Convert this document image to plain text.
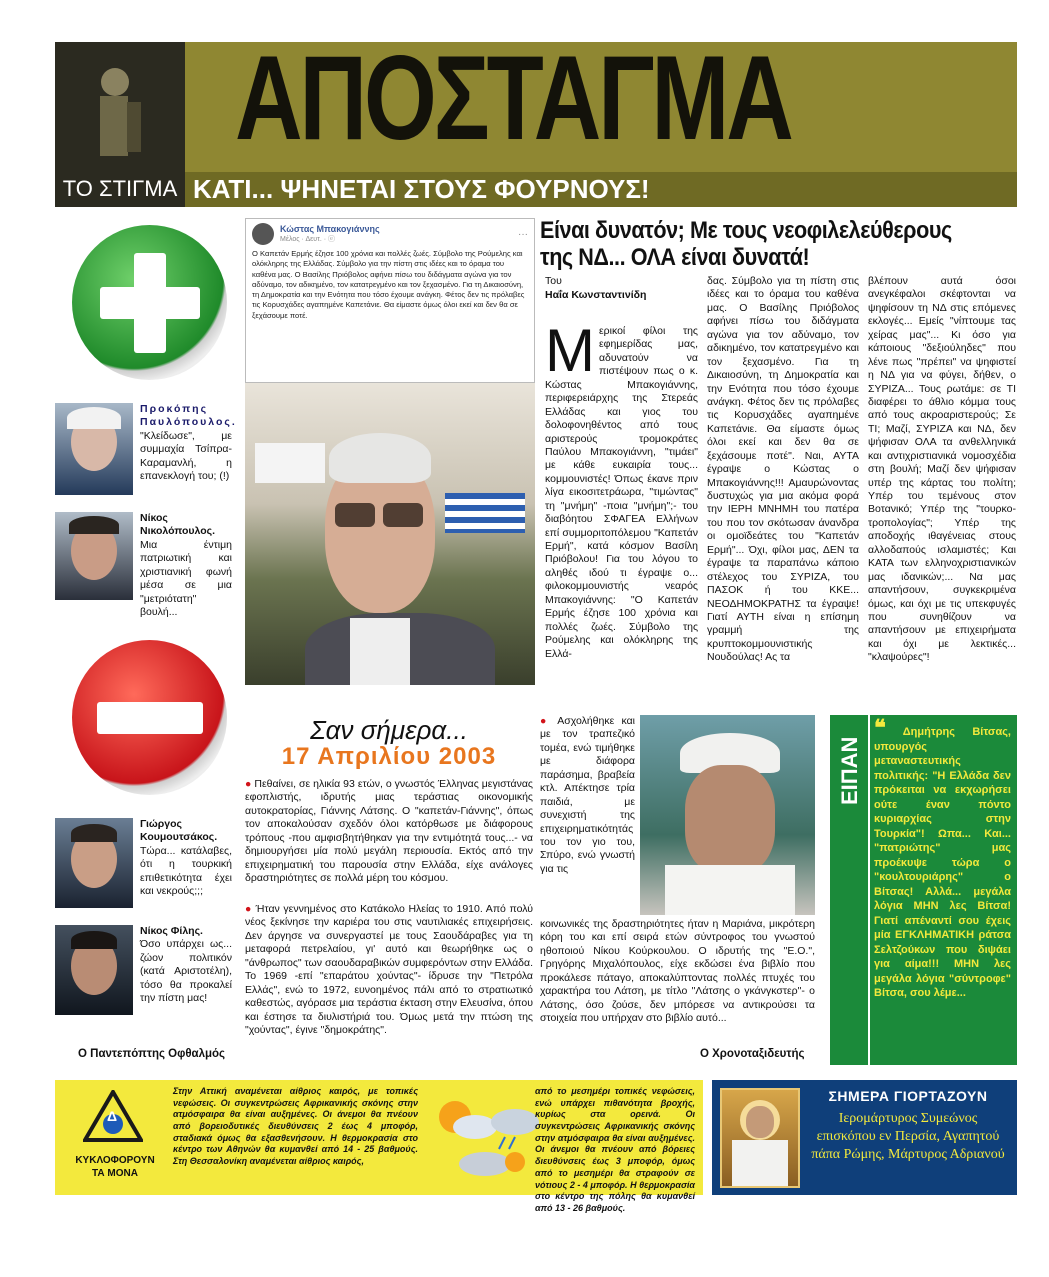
ΑΠΟΣΤΑΓΜΑ
ΤΟ ΣΤΙΓΜΑ ΚΑΤΙ... ΨΗΝΕΤΑΙ ΣΤΟΥΣ ΦΟΥΡΝΟΥΣ!
Προκόπης Παυλόπουλος.
"Κλείδωσε", με συμμαχία Τσίπρα-Καραμανλή, η επανεκλογή του; (!)
Νίκος Νικολόπουλος.
Μια έντιμη πατριωτική και χριστιανική φωνή μέσα σε μια "μετριότατη" βουλή...
Γιώργος Κουμουτσάκος.
Τώρα... κατάλαβες, ότι η τουρκική επιθετικότητα έχει και νεκρούς;;;
Νίκος Φίλης.
Όσο υπάρχει ως... ζώον πολιτικόν (κατά Αριστοτέλη), τόσο θα προκαλεί την πίστη μας!
Ο Παντεπόπτης Οφθαλμός
Κώστας Μπακογιάννης
Μέλος · Δευτ. · ⓔ	···
Ο Καπετάν Ερμής έζησε 100 χρόνια και πολλές ζωές. Σύμβολο της Ρούμελης και ολόκληρης της Ελλάδας. Σύμβολο για την πίστη στις ιδέες και το όραμα του καθένα μας. Ο Βασίλης Πριόβολος αφήνει πίσω του διδάγματα αγώνα για τον αδύναμο, τον αδικημένο, τον κατατρεγμένο και τον ξεχασμένο. Για τη Δικαιοσύνη, τη Δημοκρατία και την Ενότητα που τόσο έχουμε ανάγκη. Φέτος δεν τις πρόλαβες τις Κορυσχάδες αγαπημένε Καπετάνιε. Θα είμαστε όμως όλοι εκεί και δεν θα σε ξεχάσουμε ποτέ.
Είναι δυνατόν; Με τους νεοφιλελεύθερους της ΝΔ... ΟΛΑ είναι δυνατά!
Του
Ηαΐα Κωνσταντινίδη
Μ ερικοί φίλοι της εφημερίδας μας, αδυνατούν να πιστέψουν πως ο κ. Κώστας Μπακογιάννης, περιφερειάρχης της Στερεάς Ελλάδας και γιος του δολοφονηθέντος από τους αριστερούς τρομοκράτες Παύλου Μπακογιάννη, "τιμάει" με κάθε ευκαιρία τους... κομμουνιστές! Όπως έκανε πριν λίγα εικοσιτετράωρα, "τιμώντας" τη "μνήμη" -ποια "μνήμη";- του διαβόητου ΣΦΑΓΕΑ Ελλήνων επί συμμοριτοπόλεμου "Καπετάν Ερμή", κατά κόσμον Βασίλη Πριόβολου! Για του λόγου το αληθές ιδού τι έγραψε ο... φιλοκομμουνιστής νεαρός Μπακογιάννης: "Ο Καπετάν Ερμής έζησε 100 χρόνια και πολλές ζωές. Σύμβολο της Ρούμελης και ολόκληρης της Ελλά-
δας. Σύμβολο για τη πίστη στις ιδέες και το όραμα του καθένα μας. Ο Βασίλης Πριόβολος αφήνει πίσω του διδάγματα αγώνα για τον αδύναμο, τον αδικημένο, τον κατατρεγμένο και τον ξεχασμένο. Για τη Δικαιοσύνη, τη Δημοκρατία και την Ενότητα που τόσο έχουμε ανάγκη. Φέτος δεν τις πρόλαβες τις Κορυσχάδες αγαπημένε Καπετάνιε. Θα είμαστε όμως όλοι εκεί και δεν θα σε ξεχάσουμε ποτέ". Ναι, ΑΥΤΑ έγραψε ο Κώστας ο Μπακογιάννης!!! Αμαυρώνοντας δυστυχώς για μια ακόμα φορά την ΙΕΡΗ ΜΝΗΜΗ του πατέρα του που τον σκότωσαν άνανδρα οι ομοϊδεάτες του "Καπετάν Ερμή"... Όχι, φίλοι μας, ΔΕΝ τα έγραψε τα παραπάνω κάποιο στέλεχος του ΣΥΡΙΖΑ, του ΠΑΣΟΚ ή του ΚΚΕ... ΝΕΟΔΗΜΟΚΡΑΤΗΣ τα έγραψε! Γιατί ΑΥΤΗ είναι η επίσημη γραμμή της κρυπτοκομμουνιστικής Νουδούλας! Ας τα
βλέπουν αυτά όσοι ανεγκέφαλοι σκέφτονται να ψηφίσουν τη ΝΔ στις επόμενες εκλογές... Εμείς "νίπτουμε τας χείρας μας"... Κι όσο για κάποιους "δεξιούληδες" που λένε πως "πρέπει" να ψηφιστεί η ΝΔ για να φύγει, δήθεν, ο ΣΥΡΙΖΑ... Τους ρωτάμε: σε ΤΙ διαφέρει το άθλιο κόμμα τους από τους ακροαριστερούς; Σε ΤΙ; Μαζί, ΣΥΡΙΖΑ και ΝΔ, δεν ψήφισαν ΟΛΑ τα ανθελληνικά και αντιχριστιανικά νομοσχέδια στη βουλή; Μαζί δεν ψήφισαν υπέρ της κάρτας του πολίτη; Υπέρ του τεμένους στον Βοτανικό; Υπέρ της "τουρκο-τροπολογίας"; Υπέρ της αποδοχής ιθαγένειας στους αλλοδαπούς ισλαμιστές; Και ΚΑΤΑ των ελληνοχριστιανικών μας ιδανικών;... Να μας απαντήσουν, συγκεκριμένα όμως, και όχι με τις υπεκφυγές που συνηθίζουν να απαντήσουν με επιχειρήματα και όχι με λεκτικές... "κλαψούρες"!
Σαν σήμερα...
17 Απριλίου 2003
● Πεθαίνει, σε ηλικία 93 ετών, ο γνωστός Έλληνας μεγιστάνας εφοπλιστής, ιδρυτής μιας τεράστιας οικονομικής αυτοκρατορίας, Γιάννης Λάτσης. Ο "καπετάν-Γιάννης", όπως τον αποκαλούσαν σχεδόν όλοι κατόρθωσε με διάφορους τρόπους -που αμφισβητήθηκαν για την εντιμότητά τους...- να δημιουργήσει μία πολύ μεγάλη περιουσία. Εκτός από την επιχειρηματική του παρουσία στην Ελλάδα, είχε ανάλογες δραστηριότητες σε πολλά μέρη του κόσμου.
● Ήταν γεννημένος στο Κατάκολο Ηλείας το 1910. Από πολύ νέος ξεκίνησε την καριέρα του στις ναυτιλιακές επιχειρήσεις. Δεν άργησε να συνεργαστεί με τους Σαουδάραβες για τη μεταφορά πετρελαίου, γι' αυτό και θεωρήθηκε ως ο "άνθρωπος" των σαουδαραβικών συμφερόντων στην Ελλάδα. Το 1969 -επί "επαράτου χούντας"- ίδρυσε την "Πετρόλα Ελλάς", ενώ το 1972, ευνοημένος πάλι από το στρατιωτικό καθεστώς, αγόρασε μια τεράστια έκταση στην Ελευσίνα, όπου και έστησε τα διυλιστήριά του. Όμως μετά την πτώση της "χούντας", έγινε "δημοκράτης".
● Ασχολήθηκε και με τον τραπεζικό τομέα, ενώ τιμήθηκε με διάφορα παράσημα, βραβεία κτλ. Απέκτησε τρία παιδιά, με συνεχιστή της επιχειρηματικότητάς του τον γιο του, Σπύρο, ενώ γνωστή για τις
κοινωνικές της δραστηριότητες ήταν η Μαριάνα, μικρότερη κόρη του και επί σειρά ετών σύντροφος του γνωστού ηθοποιού Νίκου Κούρκουλου. Ο ιδρυτής της "Ε.Ο.", Γρηγόρης Μιχαλόπουλος, είχε εκδώσει ένα βιβλίο που προκάλεσε πάταγο, αποκαλύπτοντας πολλές πτυχές του χαρακτήρα του Λάτση, με τίτλο "Λάτσης ο γκάνγκστερ"- ο Λάτσης, όσο ζούσε, δεν μπόρεσε να αντικρούσει τα στοιχεία που υπήρχαν στο βιβλίο αυτό...
Ο Χρονοταξιδευτής
ΕΙΠΑΝ
❝ Δημήτρης Βίτσας, υπουργός μεταναστευτικής πολιτικής: "Η Ελλάδα δεν πρόκειται να εκχωρήσει ούτε έναν πόντο κυριαρχίας στην Τουρκία"! Ωπα... Και... "πατριώτης" μας προέκυψε τώρα ο "κουλτουριάρης" ο Βίτσας! Αλλά... μεγάλα λόγια ΜΗΝ λες Βίτσα! Γιατί απέναντί σου έχεις μία ΕΓΚΛΗΜΑΤΙΚΗ ράτσα Σελτζούκων που διψάει για αίμα!!! ΜΗΝ λες μεγάλα λόγια "σύντροφε" Βίτσα, σου λέμε...
Δ
ΚΥΚΛΟΦΟΡΟΥΝ ΤΑ ΜΟΝΑ
Στην Αττική αναμένεται αίθριος καιρός, με τοπικές νεφώσεις. Οι συγκεντρώσεις Αφρικανικής σκόνης στην ατμόσφαιρα θα είναι αυξημένες. Οι άνεμοι θα πνέουν από βορειοδυτικές διευθύνσεις 2 έως 4 μποφόρ, σταδιακά όμως θα εξασθενήσουν. Η θερμοκρασία στο κέντρο των Αθηνών θα κυμανθεί από 14 - 25 βαθμούς. Στη Θεσσαλονίκη αναμένεται αίθριος καιρός,
από το μεσημέρι τοπικές νεφώσεις, ενώ υπάρχει πιθανότητα βροχής, κυρίως στα ορεινά. Οι συγκεντρώσεις Αφρικανικής σκόνης στην ατμόσφαιρα θα είναι αυξημένες. Οι άνεμοι θα πνέουν από βόρειες διευθύνσεις έως 3 μποφόρ, όμως από το μεσημέρι θα στραφούν σε νότιους 2 - 4 μποφόρ. Η θερμοκρασία στο κέντρο της πόλης θα κυμανθεί από 13 - 26 βαθμούς.
ΣΗΜΕΡΑ ΓΙΟΡΤΑΖΟΥΝ
Ιερομάρτυρος Συμεώνος επισκόπου εν Περσία, Αγαπητού πάπα Ρώμης, Μάρτυρος Αδριανού
